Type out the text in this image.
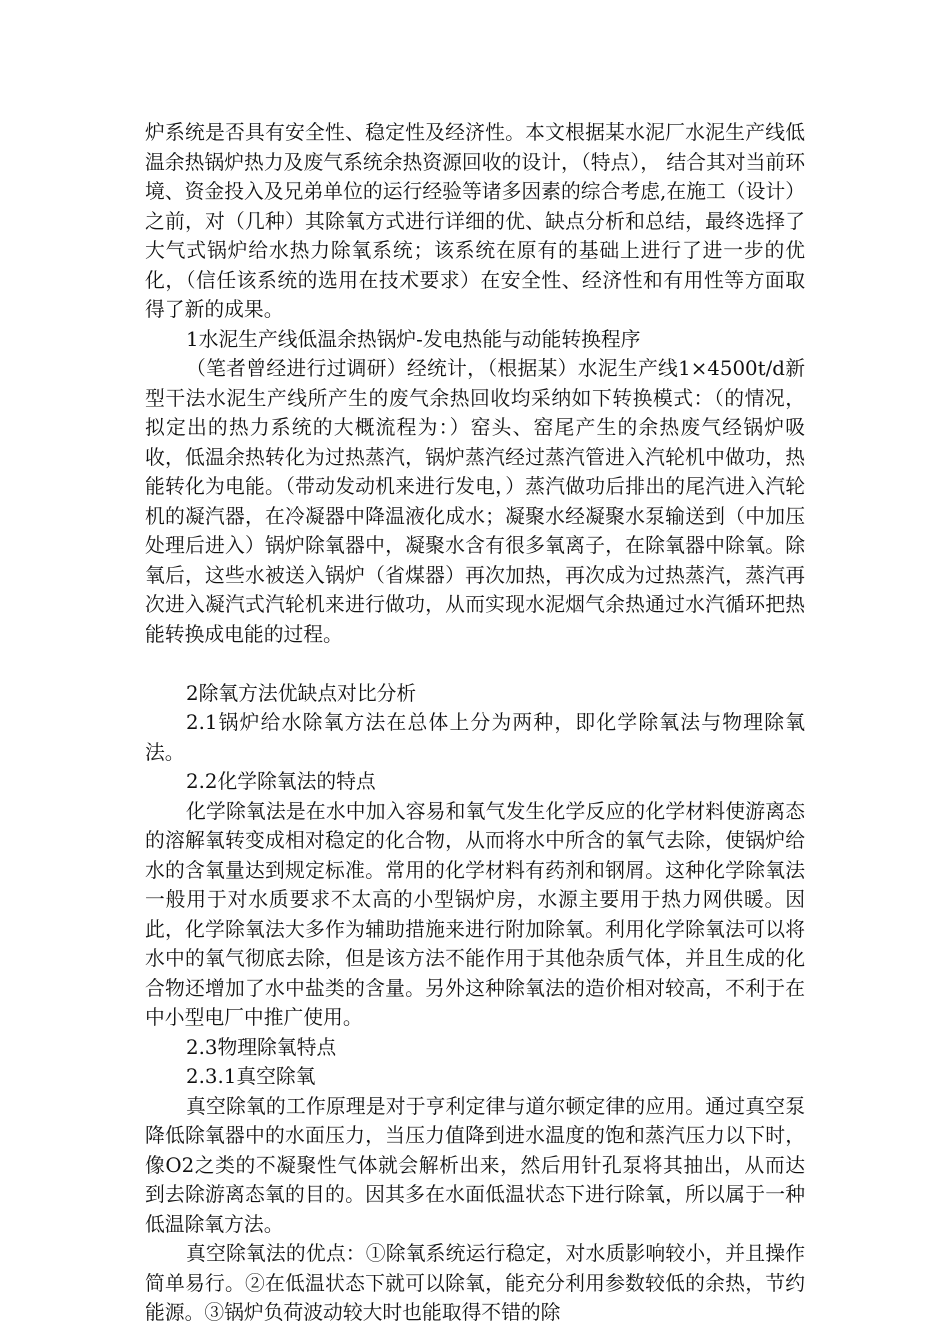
炉系统是否具有安全性、稳定性及经济性。本文根据某水泥厂水泥生产线低温余热锅炉热力及废气系统余热资源回收的设计，（特点）， 结合其对当前环境、资金投入及兄弟单位的运行经验等诸多因素的综合考虑,在施工（设计）之前，对（几种）其除氧方式进行详细的优、缺点分析和总结，最终选择了大气式锅炉给水热力除氧系统；该系统在原有的基础上进行了进一步的优化，（信任该系统的选用在技术要求）在安全性、经济性和有用性等方面取得了新的成果。

1水泥生产线低温余热锅炉-发电热能与动能转换程序

（笔者曾经进行过调研）经统计，（根据某）水泥生产线1×4500t/d新型干法水泥生产线所产生的废气余热回收均采纳如下转换模式：（的情况，拟定出的热力系统的大概流程为：）窑头、窑尾产生的余热废气经锅炉吸收，低温余热转化为过热蒸汽，锅炉蒸汽经过蒸汽管进入汽轮机中做功，热能转化为电能。（带动发动机来进行发电，）蒸汽做功后排出的尾汽进入汽轮机的凝汽器，在冷凝器中降温液化成水；凝聚水经凝聚水泵输送到（中加压处理后进入）锅炉除氧器中，凝聚水含有很多氧离子，在除氧器中除氧。除氧后，这些水被送入锅炉（省煤器）再次加热，再次成为过热蒸汽，蒸汽再次进入凝汽式汽轮机来进行做功，从而实现水泥烟气余热通过水汽循环把热能转换成电能的过程。

2除氧方法优缺点对比分析

2.1锅炉给水除氧方法在总体上分为两种，即化学除氧法与物理除氧法。

2.2化学除氧法的特点

化学除氧法是在水中加入容易和氧气发生化学反应的化学材料使游离态的溶解氧转变成相对稳定的化合物，从而将水中所含的氧气去除，使锅炉给水的含氧量达到规定标准。常用的化学材料有药剂和钢屑。这种化学除氧法一般用于对水质要求不太高的小型锅炉房，水源主要用于热力网供暖。因此，化学除氧法大多作为辅助措施来进行附加除氧。利用化学除氧法可以将水中的氧气彻底去除，但是该方法不能作用于其他杂质气体，并且生成的化合物还增加了水中盐类的含量。另外这种除氧法的造价相对较高，不利于在中小型电厂中推广使用。

2.3物理除氧特点

2.3.1真空除氧

真空除氧的工作原理是对于亨利定律与道尔顿定律的应用。通过真空泵降低除氧器中的水面压力，当压力值降到进水温度的饱和蒸汽压力以下时，像O2之类的不凝聚性气体就会解析出来，然后用针孔泵将其抽出，从而达到去除游离态氧的目的。因其多在水面低温状态下进行除氧，所以属于一种低温除氧方法。

真空除氧法的优点：①除氧系统运行稳定，对水质影响较小，并且操作简单易行。②在低温状态下就可以除氧，能充分利用参数较低的余热，节约能源。③锅炉负荷波动较大时也能取得不错的除
